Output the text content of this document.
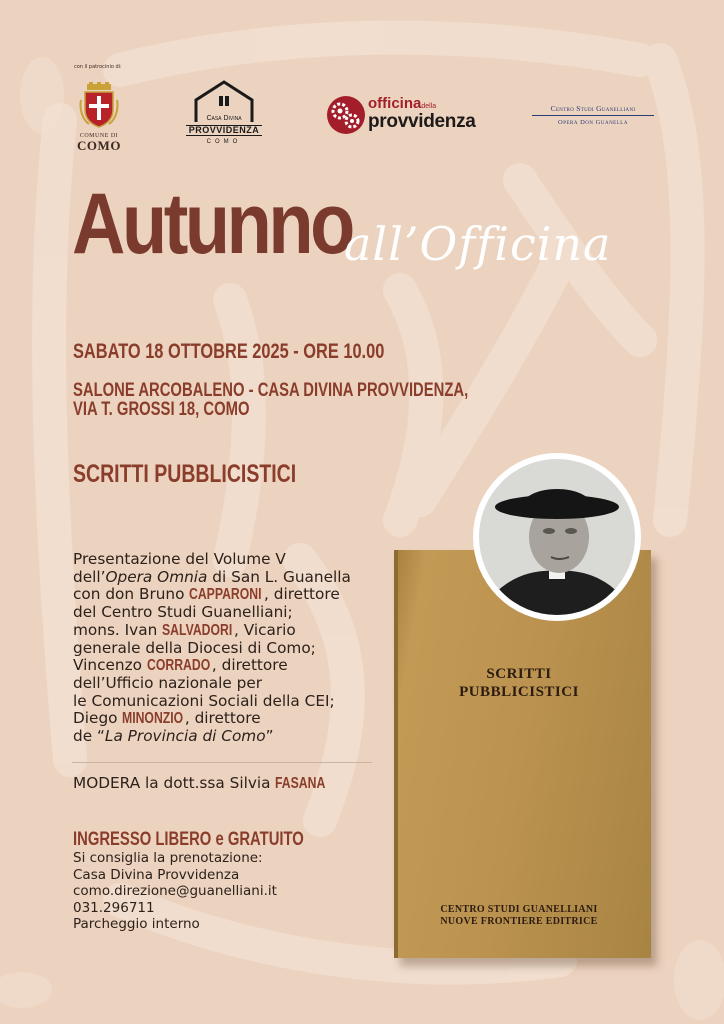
con il patrocinio di:
COMUNE DI
COMO
Casa Divina
PROVVIDENZA
COMO
officinadella
provvidenza
Centro Studi Guanelliani
Opera Don Guanella
Autunno
all’Officina
SABATO 18 OTTOBRE 2025 - ORE 10.00
SALONE ARCOBALENO - CASA DIVINA PROVVIDENZA,
VIA T. GROSSI 18, COMO
SCRITTI PUBBLICISTICI
Presentazione del Volume V
dell’Opera Omnia di San L. Guanella
con don Bruno CAPPARONI , direttore
del Centro Studi Guanelliani;
mons. Ivan SALVADORI , Vicario
generale della Diocesi di Como;
Vincenzo CORRADO , direttore
dell’Ufficio nazionale per
le Comunicazioni Sociali della CEI;
Diego MINONZIO, direttore
de “La Provincia di Como”
MODERA la dott.ssa Silvia FASANA
INGRESSO LIBERO e GRATUITO
Si consiglia la prenotazione:
Casa Divina Provvidenza
como.direzione@guanelliani.it
031.296711
Parcheggio interno
SCRITTI
PUBBLICISTICI
CENTRO STUDI GUANELLIANI
NUOVE FRONTIERE EDITRICE
